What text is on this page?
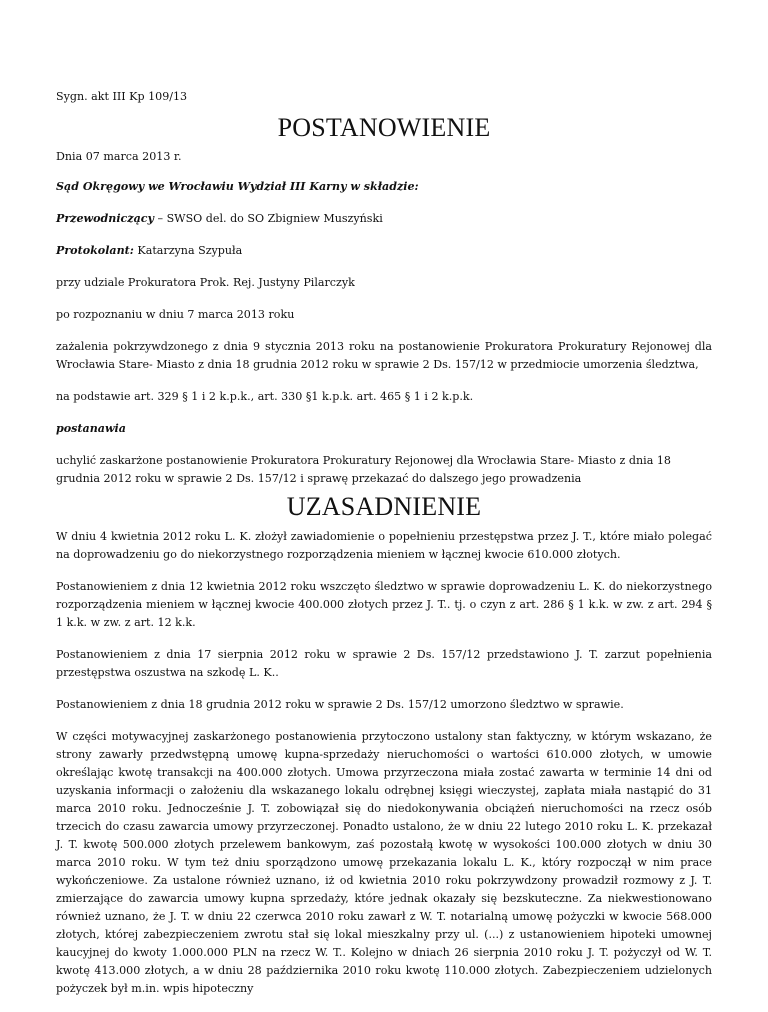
Sygn. akt III Kp 109/13
POSTANOWIENIE
Dnia 07 marca 2013 r.
Sąd Okręgowy we Wrocławiu Wydział III Karny w składzie:
Przewodniczący – SWSO del. do SO Zbigniew Muszyński
Protokolant: Katarzyna Szypuła
przy udziale Prokuratora Prok. Rej. Justyny Pilarczyk
po rozpoznaniu w dniu 7 marca 2013 roku
zażalenia pokrzywdzonego z dnia 9 stycznia 2013 roku na postanowienie Prokuratora Prokuratury Rejonowej dla Wrocławia Stare- Miasto z dnia 18 grudnia 2012 roku w sprawie 2 Ds. 157/12 w przedmiocie umorzenia śledztwa,
na podstawie art. 329 § 1 i 2 k.p.k., art. 330 §1 k.p.k. art. 465 § 1 i 2 k.p.k.
postanawia
uchylić zaskarżone postanowienie Prokuratora Prokuratury Rejonowej dla Wrocławia Stare- Miasto z dnia 18 grudnia 2012 roku w sprawie 2 Ds. 157/12 i sprawę przekazać do dalszego jego prowadzenia
UZASADNIENIE
W dniu 4 kwietnia 2012 roku L. K. złożył zawiadomienie o popełnieniu przestępstwa przez J. T., które miało polegać na doprowadzeniu go do niekorzystnego rozporządzenia mieniem w łącznej kwocie 610.000 złotych.
Postanowieniem z dnia 12 kwietnia 2012 roku wszczęto śledztwo w sprawie doprowadzeniu L. K. do niekorzystnego rozporządzenia mieniem w łącznej kwocie 400.000 złotych przez J. T.. tj. o czyn z art. 286 § 1 k.k. w zw. z art. 294 § 1 k.k. w zw. z art. 12 k.k.
Postanowieniem z dnia 17 sierpnia 2012 roku w sprawie 2 Ds. 157/12 przedstawiono J. T. zarzut popełnienia przestępstwa oszustwa na szkodę L. K..
Postanowieniem z dnia 18 grudnia 2012 roku w sprawie 2 Ds. 157/12 umorzono śledztwo w sprawie.
W części motywacyjnej zaskarżonego postanowienia przytoczono ustalony stan faktyczny, w którym wskazano, że strony zawarły przedwstępną umowę kupna-sprzedaży nieruchomości o wartości 610.000 złotych, w umowie określając kwotę transakcji na 400.000 złotych. Umowa przyrzeczona miała zostać zawarta w terminie 14 dni od uzyskania informacji o założeniu dla wskazanego lokalu odrębnej księgi wieczystej, zapłata miała nastąpić do 31 marca 2010 roku. Jednocześnie J. T. zobowiązał się do niedokonywania obciążeń nieruchomości na rzecz osób trzecich do czasu zawarcia umowy przyrzeczonej. Ponadto ustalono, że w dniu 22 lutego 2010 roku L. K. przekazał J. T. kwotę 500.000 złotych przelewem bankowym, zaś pozostałą kwotę w wysokości 100.000 złotych w dniu 30 marca 2010 roku. W tym też dniu sporządzono umowę przekazania lokalu L. K., który rozpoczął w nim prace wykończeniowe. Za ustalone również uznano, iż od kwietnia 2010 roku pokrzywdzony prowadził rozmowy z J. T. zmierzające do zawarcia umowy kupna sprzedaży, które jednak okazały się bezskuteczne. Za niekwestionowano również uznano, że J. T. w dniu 22 czerwca 2010 roku zawarł z W. T. notarialną umowę pożyczki w kwocie 568.000 złotych, której zabezpieczeniem zwrotu stał się lokal mieszkalny przy ul. (...) z ustanowieniem hipoteki umownej kaucyjnej do kwoty 1.000.000 PLN na rzecz W. T.. Kolejno w dniach 26 sierpnia 2010 roku J. T. pożyczył od W. T. kwotę 413.000 złotych, a w dniu 28 października 2010 roku kwotę 110.000 złotych. Zabezpieczeniem udzielonych pożyczek był m.in. wpis hipoteczny
